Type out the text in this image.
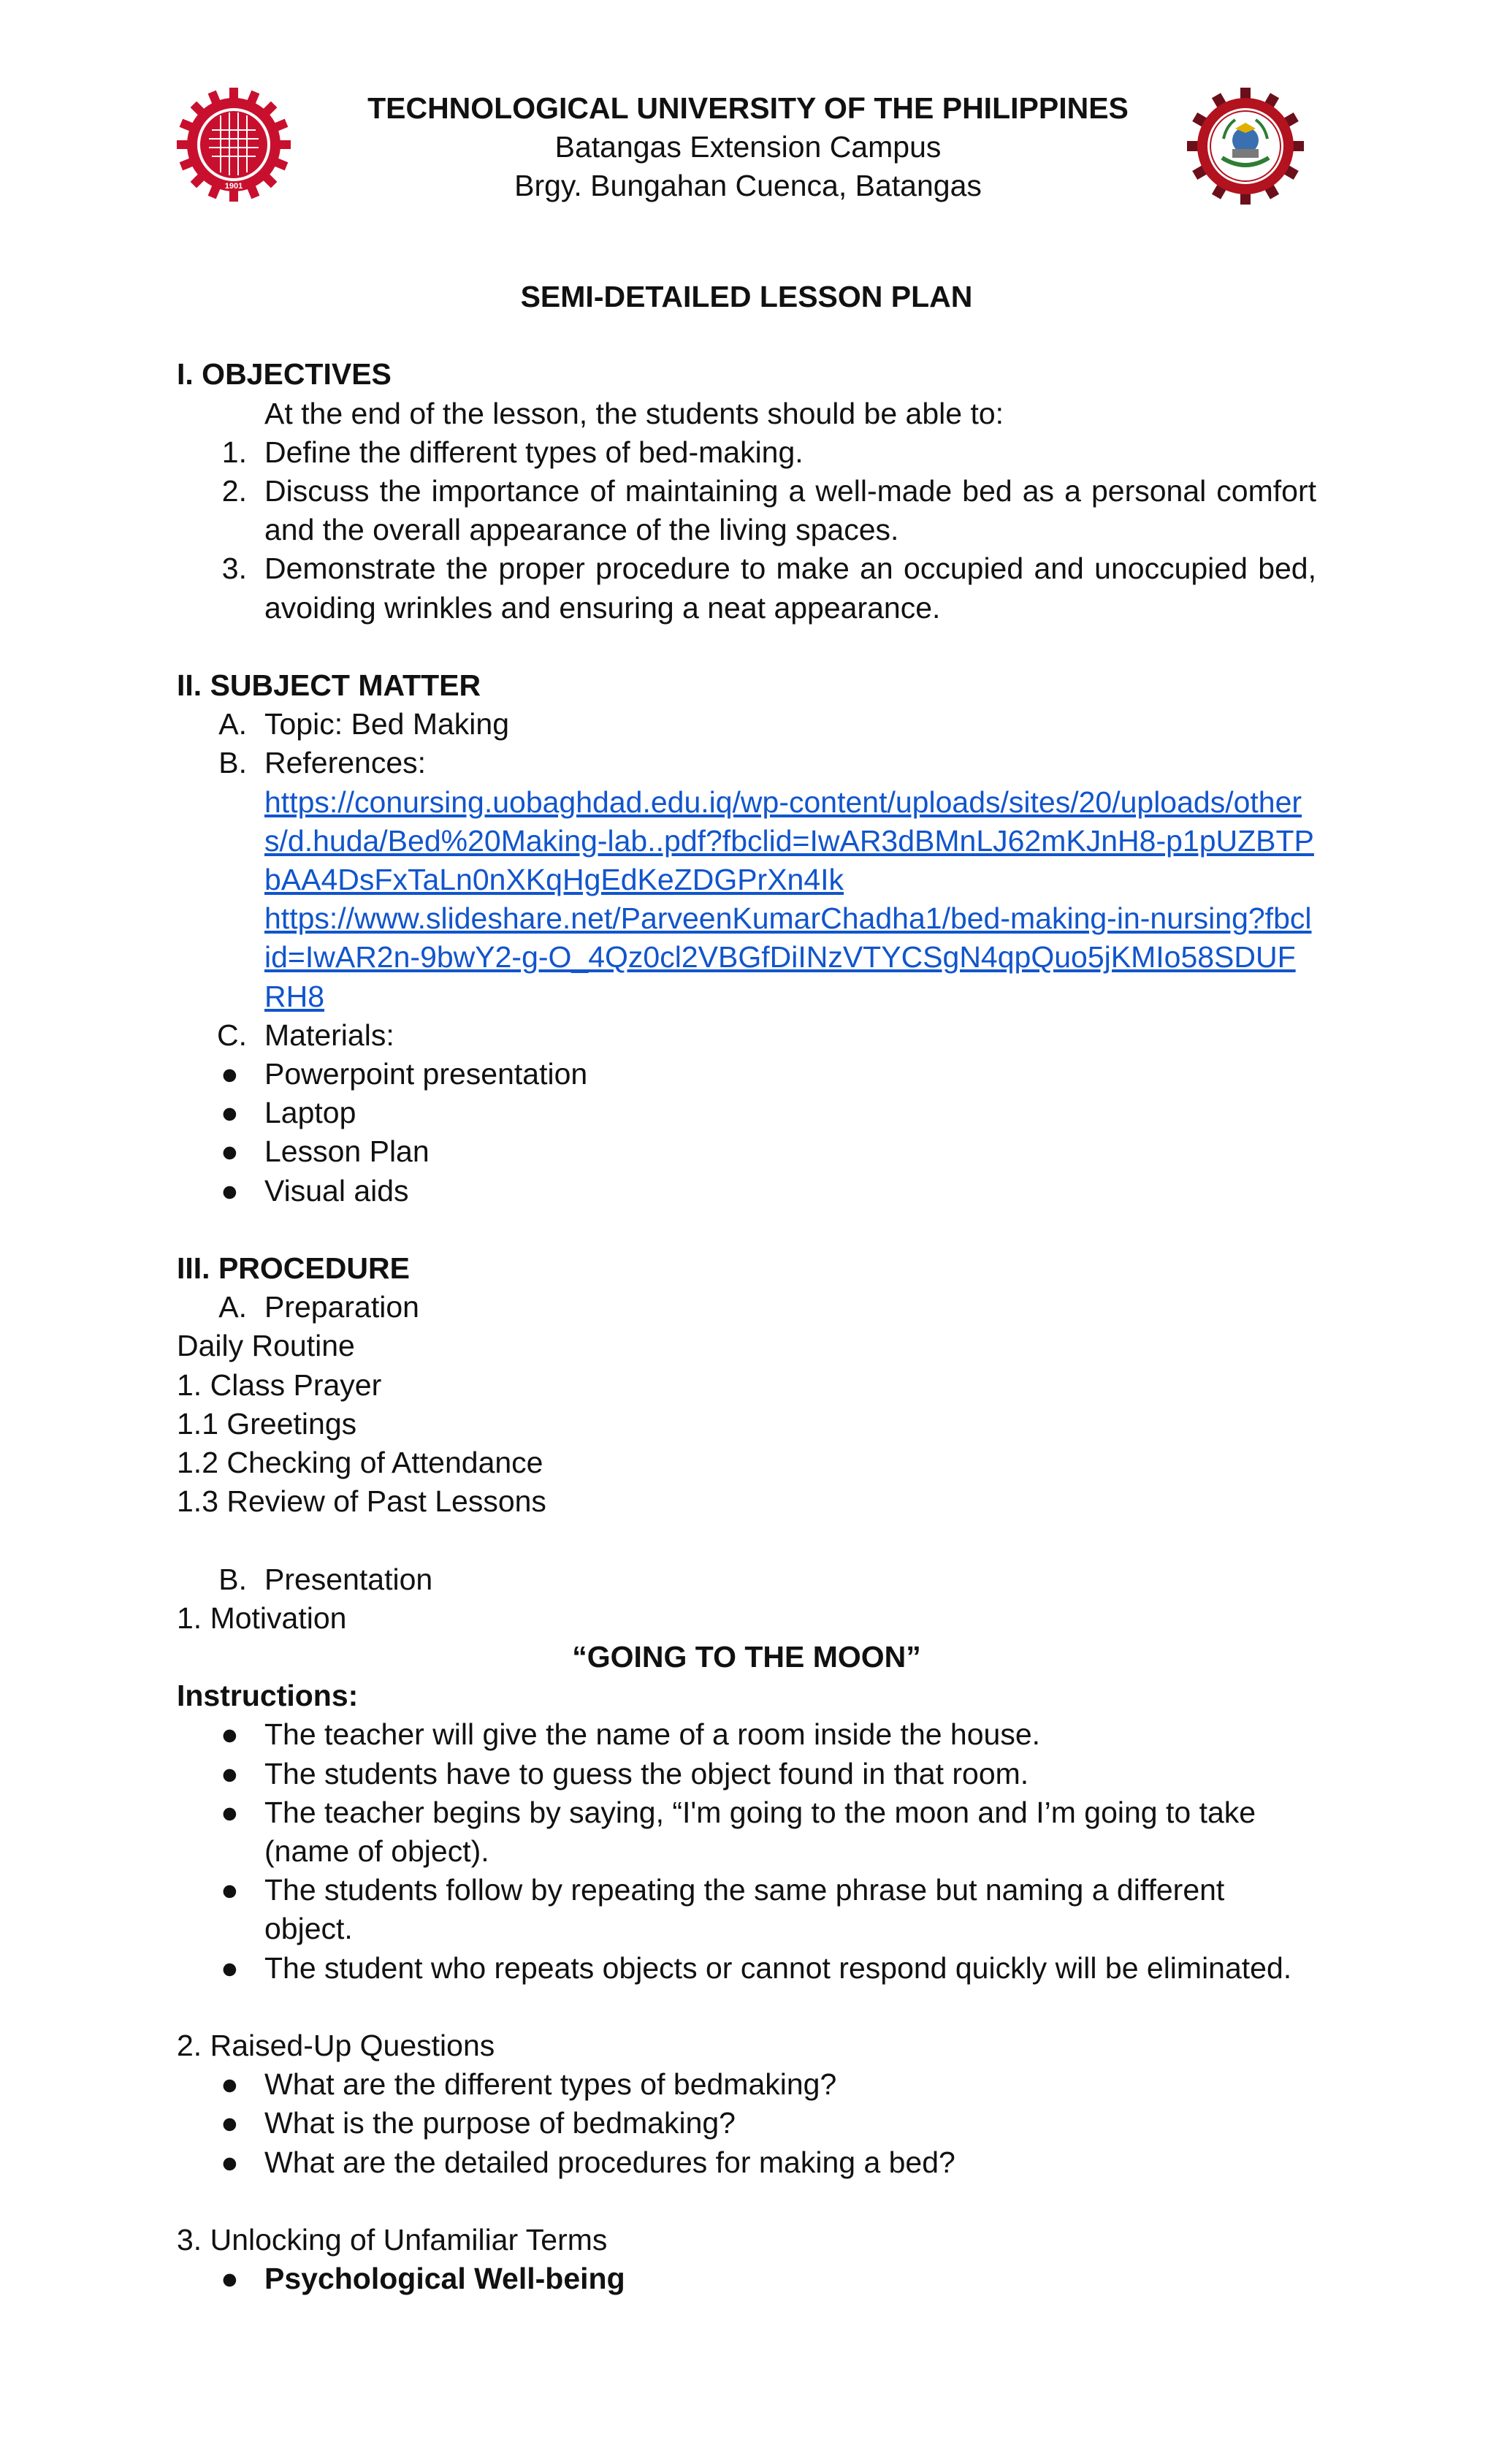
1901
TECHNOLOGICAL UNIVERSITY OF THE PHILIPPINES
Batangas Extension Campus
Brgy. Bungahan Cuenca, Batangas

SEMI-DETAILED LESSON PLAN

I. OBJECTIVES

At the end of the lesson, the students should be able to:

1. Define the different types of bed-making.
2. Discuss the importance of maintaining a well-made bed as a personal comfort and the overall appearance of the living spaces.
3. Demonstrate the proper procedure to make an occupied and unoccupied bed, avoiding wrinkles and ensuring a neat appearance.

II. SUBJECT MATTER

A. Topic: Bed Making
B. References:
https://conursing.uobaghdad.edu.iq/wp-content/uploads/sites/20/uploads/others/d.huda/Bed%20Making-lab..pdf?fbclid=IwAR3dBMnLJ62mKJnH8-p1pUZBTPbAA4DsFxTaLn0nXKqHgEdKeZDGPrXn4Ik
https://www.slideshare.net/ParveenKumarChadha1/bed-making-in-nursing?fbclid=IwAR2n-9bwY2-g-O_4Qz0cl2VBGfDiINzVTYCSgN4qpQuo5jKMIo58SDUFRH8
C. Materials:
● Powerpoint presentation
● Laptop
● Lesson Plan
● Visual aids

III. PROCEDURE

A. Preparation

Daily Routine

1. Class Prayer

1.1 Greetings

1.2 Checking of Attendance

1.3 Review of Past Lessons

B. Presentation

1. Motivation

“GOING TO THE MOON”

Instructions:

● The teacher will give the name of a room inside the house.
● The students have to guess the object found in that room.
● The teacher begins by saying, “I'm going to the moon and I’m going to take (name of object).
● The students follow by repeating the same phrase but naming a different object.
● The student who repeats objects or cannot respond quickly will be eliminated.

2. Raised-Up Questions

● What are the different types of bedmaking?
● What is the purpose of bedmaking?
● What are the detailed procedures for making a bed?

3. Unlocking of Unfamiliar Terms

● Psychological Well-being
